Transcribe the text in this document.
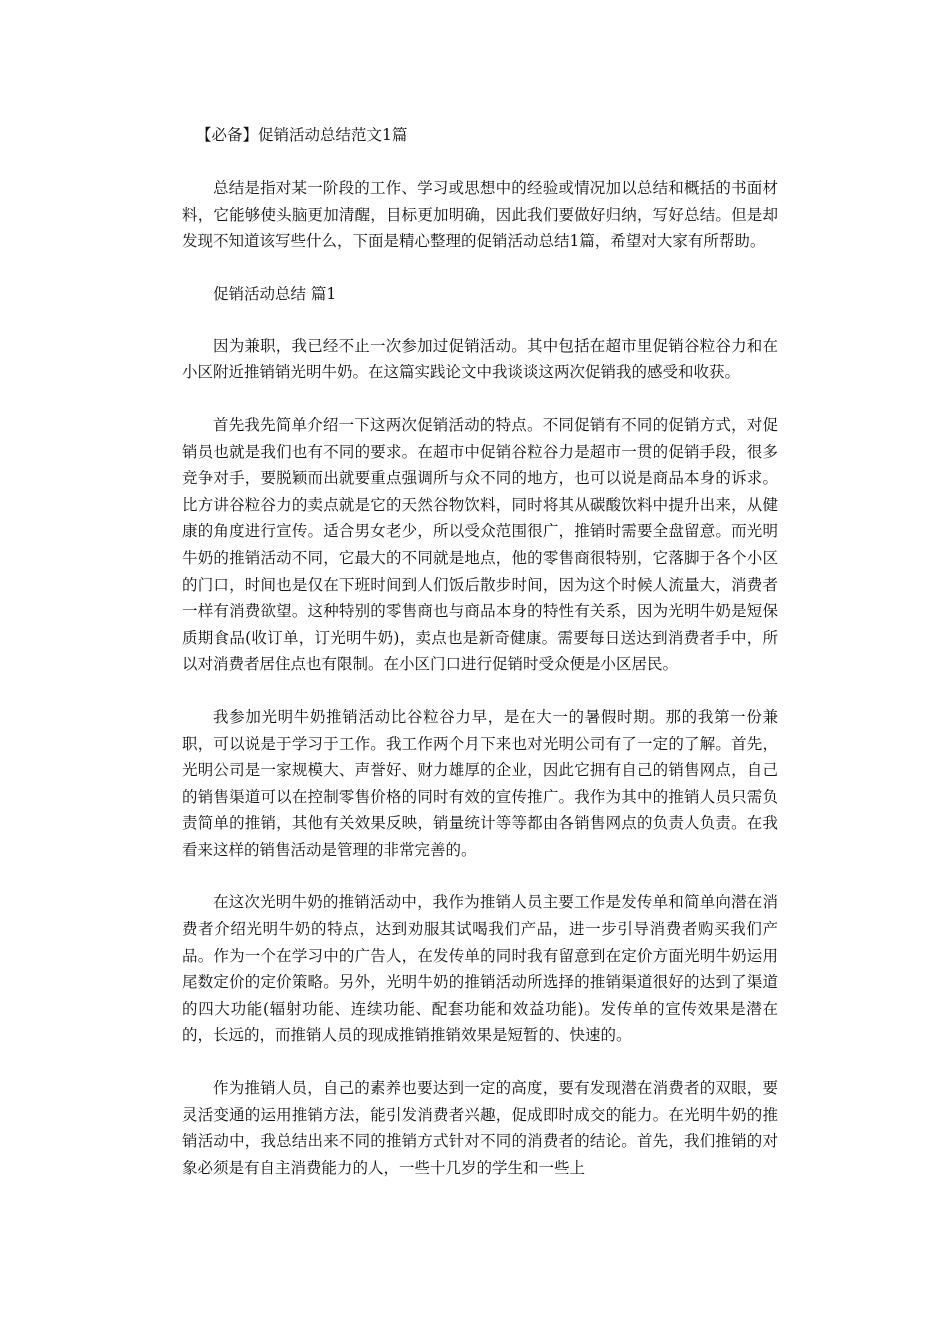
【必备】促销活动总结范文1篇

总结是指对某一阶段的工作、学习或思想中的经验或情况加以总结和概括的书面材料，它能够使头脑更加清醒，目标更加明确，因此我们要做好归纳，写好总结。但是却发现不知道该写些什么，下面是精心整理的促销活动总结1篇，希望对大家有所帮助。

促销活动总结 篇1

因为兼职，我已经不止一次参加过促销活动。其中包括在超市里促销谷粒谷力和在小区附近推销销光明牛奶。在这篇实践论文中我谈谈这两次促销我的感受和收获。

首先我先简单介绍一下这两次促销活动的特点。不同促销有不同的促销方式，对促销员也就是我们也有不同的要求。在超市中促销谷粒谷力是超市一贯的促销手段，很多竞争对手，要脱颖而出就要重点强调所与众不同的地方，也可以说是商品本身的诉求。比方讲谷粒谷力的卖点就是它的天然谷物饮料，同时将其从碳酸饮料中提升出来，从健康的角度进行宣传。适合男女老少，所以受众范围很广，推销时需要全盘留意。而光明牛奶的推销活动不同，它最大的不同就是地点，他的零售商很特别，它落脚于各个小区的门口，时间也是仅在下班时间到人们饭后散步时间，因为这个时候人流量大，消费者一样有消费欲望。这种特别的零售商也与商品本身的特性有关系，因为光明牛奶是短保质期食品(收订单，订光明牛奶)，卖点也是新奇健康。需要每日送达到消费者手中，所以对消费者居住点也有限制。在小区门口进行促销时受众便是小区居民。

我参加光明牛奶推销活动比谷粒谷力早，是在大一的暑假时期。那的我第一份兼职，可以说是于学习于工作。我工作两个月下来也对光明公司有了一定的了解。首先，光明公司是一家规模大、声誉好、财力雄厚的企业，因此它拥有自己的销售网点，自己的销售渠道可以在控制零售价格的同时有效的宣传推广。我作为其中的推销人员只需负责简单的推销，其他有关效果反映，销量统计等等都由各销售网点的负责人负责。在我看来这样的销售活动是管理的非常完善的。

在这次光明牛奶的推销活动中，我作为推销人员主要工作是发传单和简单向潜在消费者介绍光明牛奶的特点，达到劝服其试喝我们产品，进一步引导消费者购买我们产品。作为一个在学习中的广告人，在发传单的同时我有留意到在定价方面光明牛奶运用尾数定价的定价策略。另外，光明牛奶的推销活动所选择的推销渠道很好的达到了渠道的四大功能(辐射功能、连续功能、配套功能和效益功能)。发传单的宣传效果是潜在的，长远的，而推销人员的现成推销推销效果是短暂的、快速的。

作为推销人员，自己的素养也要达到一定的高度，要有发现潜在消费者的双眼，要灵活变通的运用推销方法，能引发消费者兴趣，促成即时成交的能力。在光明牛奶的推销活动中，我总结出来不同的推销方式针对不同的消费者的结论。首先，我们推销的对象必须是有自主消费能力的人，一些十几岁的学生和一些上
